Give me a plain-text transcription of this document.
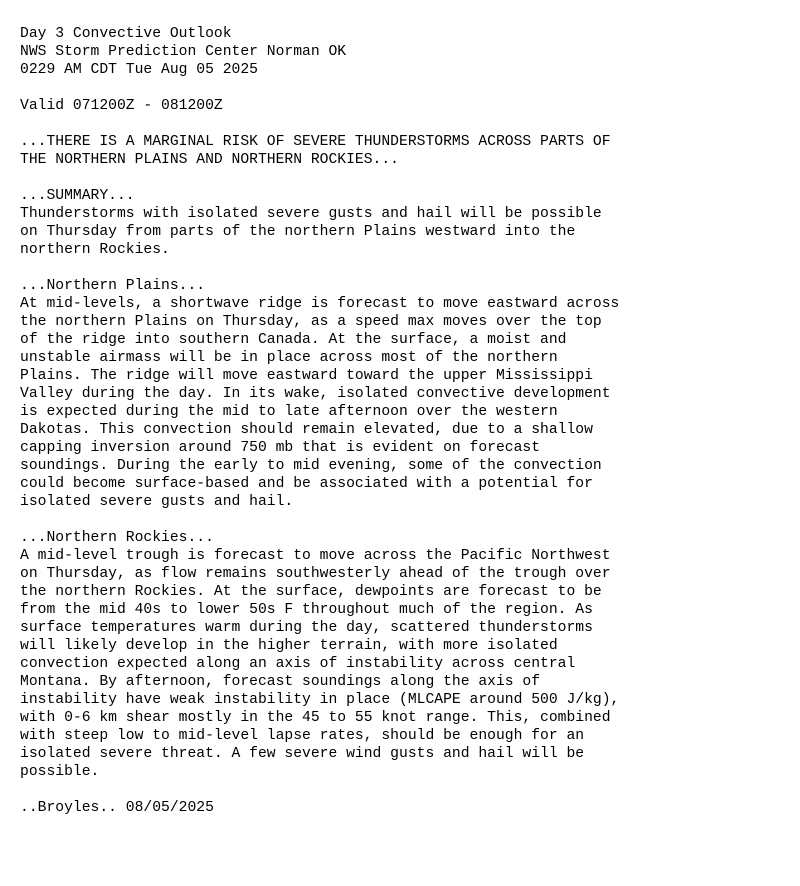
Day 3 Convective Outlook
NWS Storm Prediction Center Norman OK
0229 AM CDT Tue Aug 05 2025
Valid 071200Z - 081200Z
...THERE IS A MARGINAL RISK OF SEVERE THUNDERSTORMS ACROSS PARTS OF
THE NORTHERN PLAINS AND NORTHERN ROCKIES...
...SUMMARY...
Thunderstorms with isolated severe gusts and hail will be possible
on Thursday from parts of the northern Plains westward into the
northern Rockies.
...Northern Plains...
At mid-levels, a shortwave ridge is forecast to move eastward across
the northern Plains on Thursday, as a speed max moves over the top
of the ridge into southern Canada. At the surface, a moist and
unstable airmass will be in place across most of the northern
Plains. The ridge will move eastward toward the upper Mississippi
Valley during the day. In its wake, isolated convective development
is expected during the mid to late afternoon over the western
Dakotas. This convection should remain elevated, due to a shallow
capping inversion around 750 mb that is evident on forecast
soundings. During the early to mid evening, some of the convection
could become surface-based and be associated with a potential for
isolated severe gusts and hail.
...Northern Rockies...
A mid-level trough is forecast to move across the Pacific Northwest
on Thursday, as flow remains southwesterly ahead of the trough over
the northern Rockies. At the surface, dewpoints are forecast to be
from the mid 40s to lower 50s F throughout much of the region. As
surface temperatures warm during the day, scattered thunderstorms
will likely develop in the higher terrain, with more isolated
convection expected along an axis of instability across central
Montana. By afternoon, forecast soundings along the axis of
instability have weak instability in place (MLCAPE around 500 J/kg),
with 0-6 km shear mostly in the 45 to 55 knot range. This, combined
with steep low to mid-level lapse rates, should be enough for an
isolated severe threat. A few severe wind gusts and hail will be
possible.
..Broyles.. 08/05/2025
